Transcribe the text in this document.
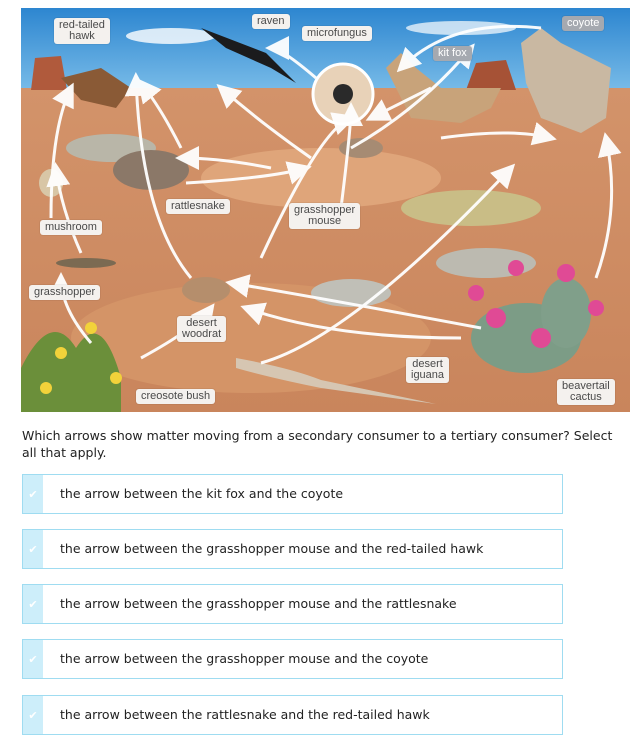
red-tailed
hawk
raven
microfungus
kit fox
coyote
rattlesnake	grasshopper
mouse
mushroom
grasshopper
desert
woodrat
desert
iguana
creosote bush
beavertail
cactus
Which arrows show matter moving from a secondary consumer to a tertiary consumer? Select all that apply.
✔	the arrow between the kit fox and the coyote
✔	the arrow between the grasshopper mouse and the red-tailed hawk
✔	the arrow between the grasshopper mouse and the rattlesnake
✔	the arrow between the grasshopper mouse and the coyote
✔	the arrow between the rattlesnake and the red-tailed hawk
